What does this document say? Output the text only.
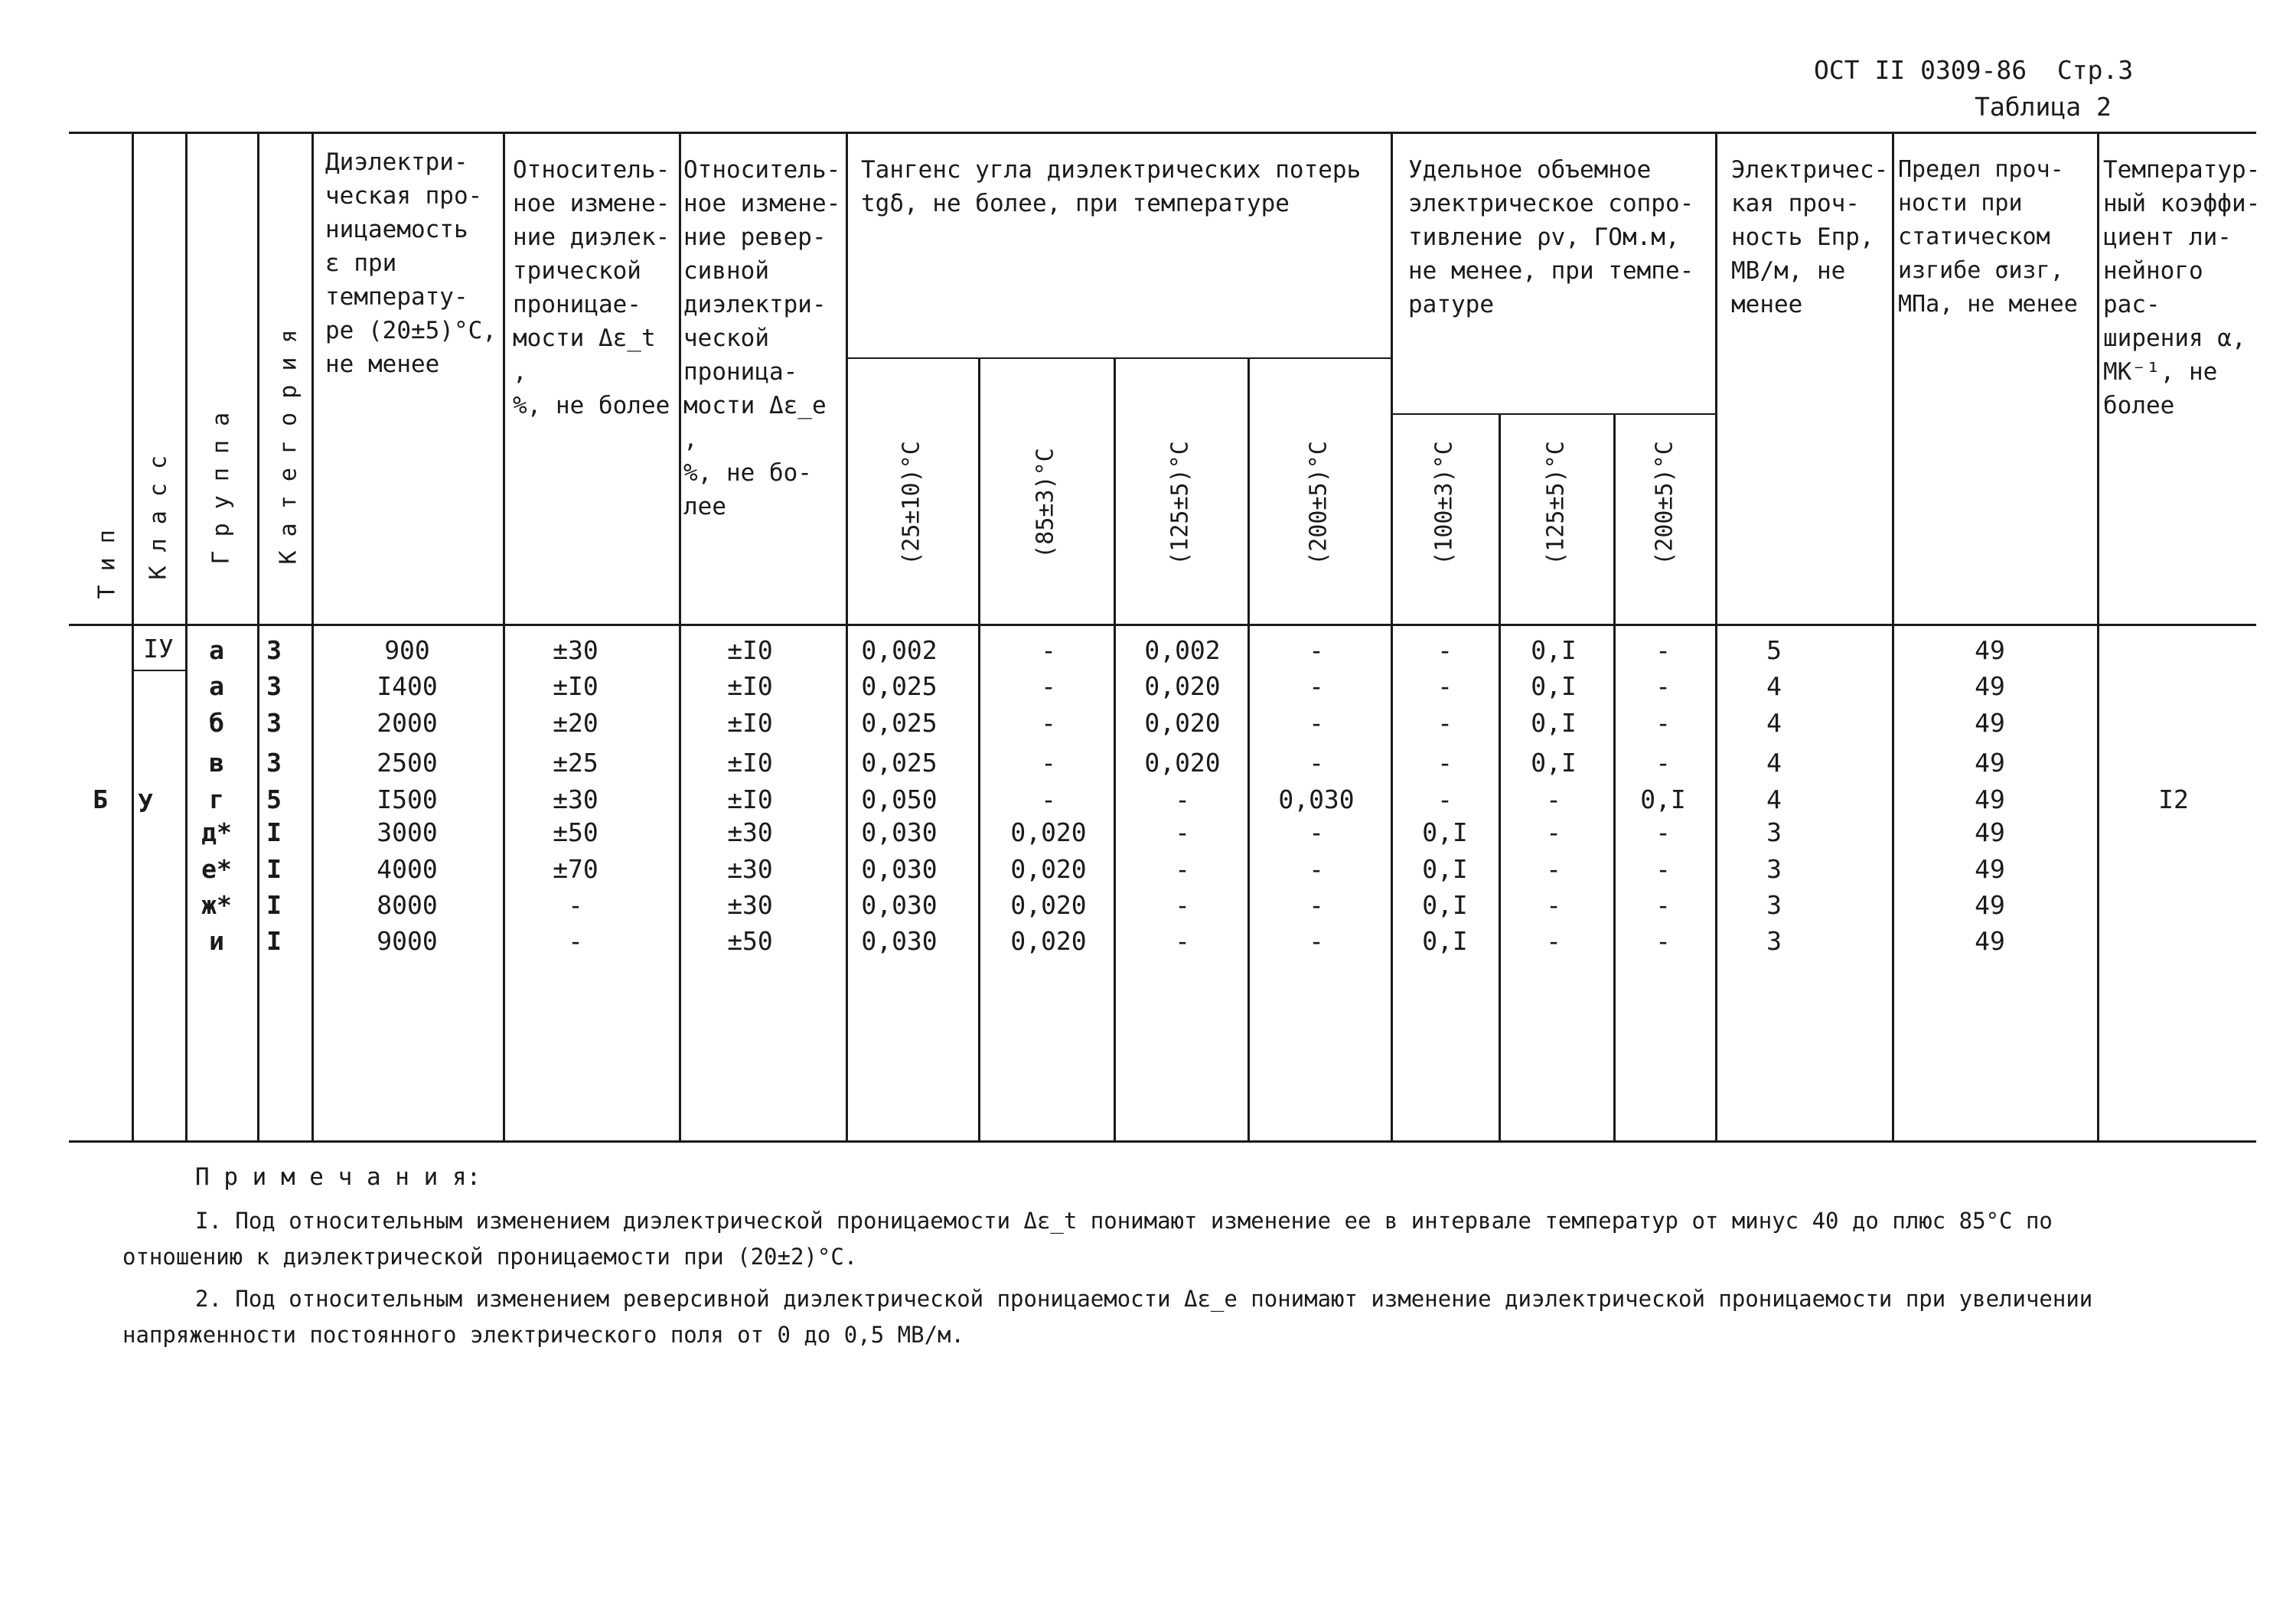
ОСТ II 0309-86  Стр.3
Таблица 2
Т и п К л а с с Г р у п п а К а т е г о р и я
Диэлектри-
ческая про-
ницаемость
ε при
температу-
ре (20±5)°С,
не менее
Относитель-
ное измене-
ние диэлек-
трической
проницае-
мости Δε_t ,
%, не более
Относитель-
ное измене-
ние ревер-
сивной
диэлектри-
ческой
проница-
мости Δε_e ,
%, не бо-
лее
Тангенс угла диэлектрических потерь
tgδ, не более, при температуре
Удельное объемное
электрическое сопро-
тивление ρv, ГОм.м,
не менее, при темпе-
ратуре
Электричес-
кая проч-
ность Епр,
МВ/м, не
менее
Предел проч-
ности при
статическом
изгибе σизг,
МПа, не менее
Температур-
ный коэффи-
циент ли-
нейного рас-
ширения α,
МК⁻¹, не
более
(25±10)°C	(85±3)°C	(125±5)°C	(200±5)°C	(100±3)°C	(125±5)°C	(200±5)°C
Б
IУ
У	I2
а	3	900	±30	±I0	0,002	-	0,002	-	-	0,I	-	5	49
а	3	I400	±I0	±I0	0,025	-	0,020	-	-	0,I	-	4	49
б	3	2000	±20	±I0	0,025	-	0,020	-	-	0,I	-	4	49
в	3	2500	±25	±I0	0,025	-	0,020	-	-	0,I	-	4	49
г	5	I500	±30	±I0	0,050	-	-	0,030	-	-	0,I	4	49
д*	I	3000	±50	±30	0,030	0,020	-	-	0,I	-	-	3	49
е*	I	4000	±70	±30	0,030	0,020	-	-	0,I	-	-	3	49
ж*	I	8000	-	±30	0,030	0,020	-	-	0,I	-	-	3	49
и	I	9000	-	±50	0,030	0,020	-	-	0,I	-	-	3	49
П р и м е ч а н и я:
I. Под относительным изменением диэлектрической проницаемости Δε_t понимают изменение ее в интервале температур от минус 40 до плюс 85°С по
отношению к диэлектрической проницаемости при (20±2)°С.
2. Под относительным изменением реверсивной диэлектрической проницаемости Δε_e понимают изменение диэлектрической проницаемости при увеличении
напряженности постоянного электрического поля от 0 до 0,5 МВ/м.
